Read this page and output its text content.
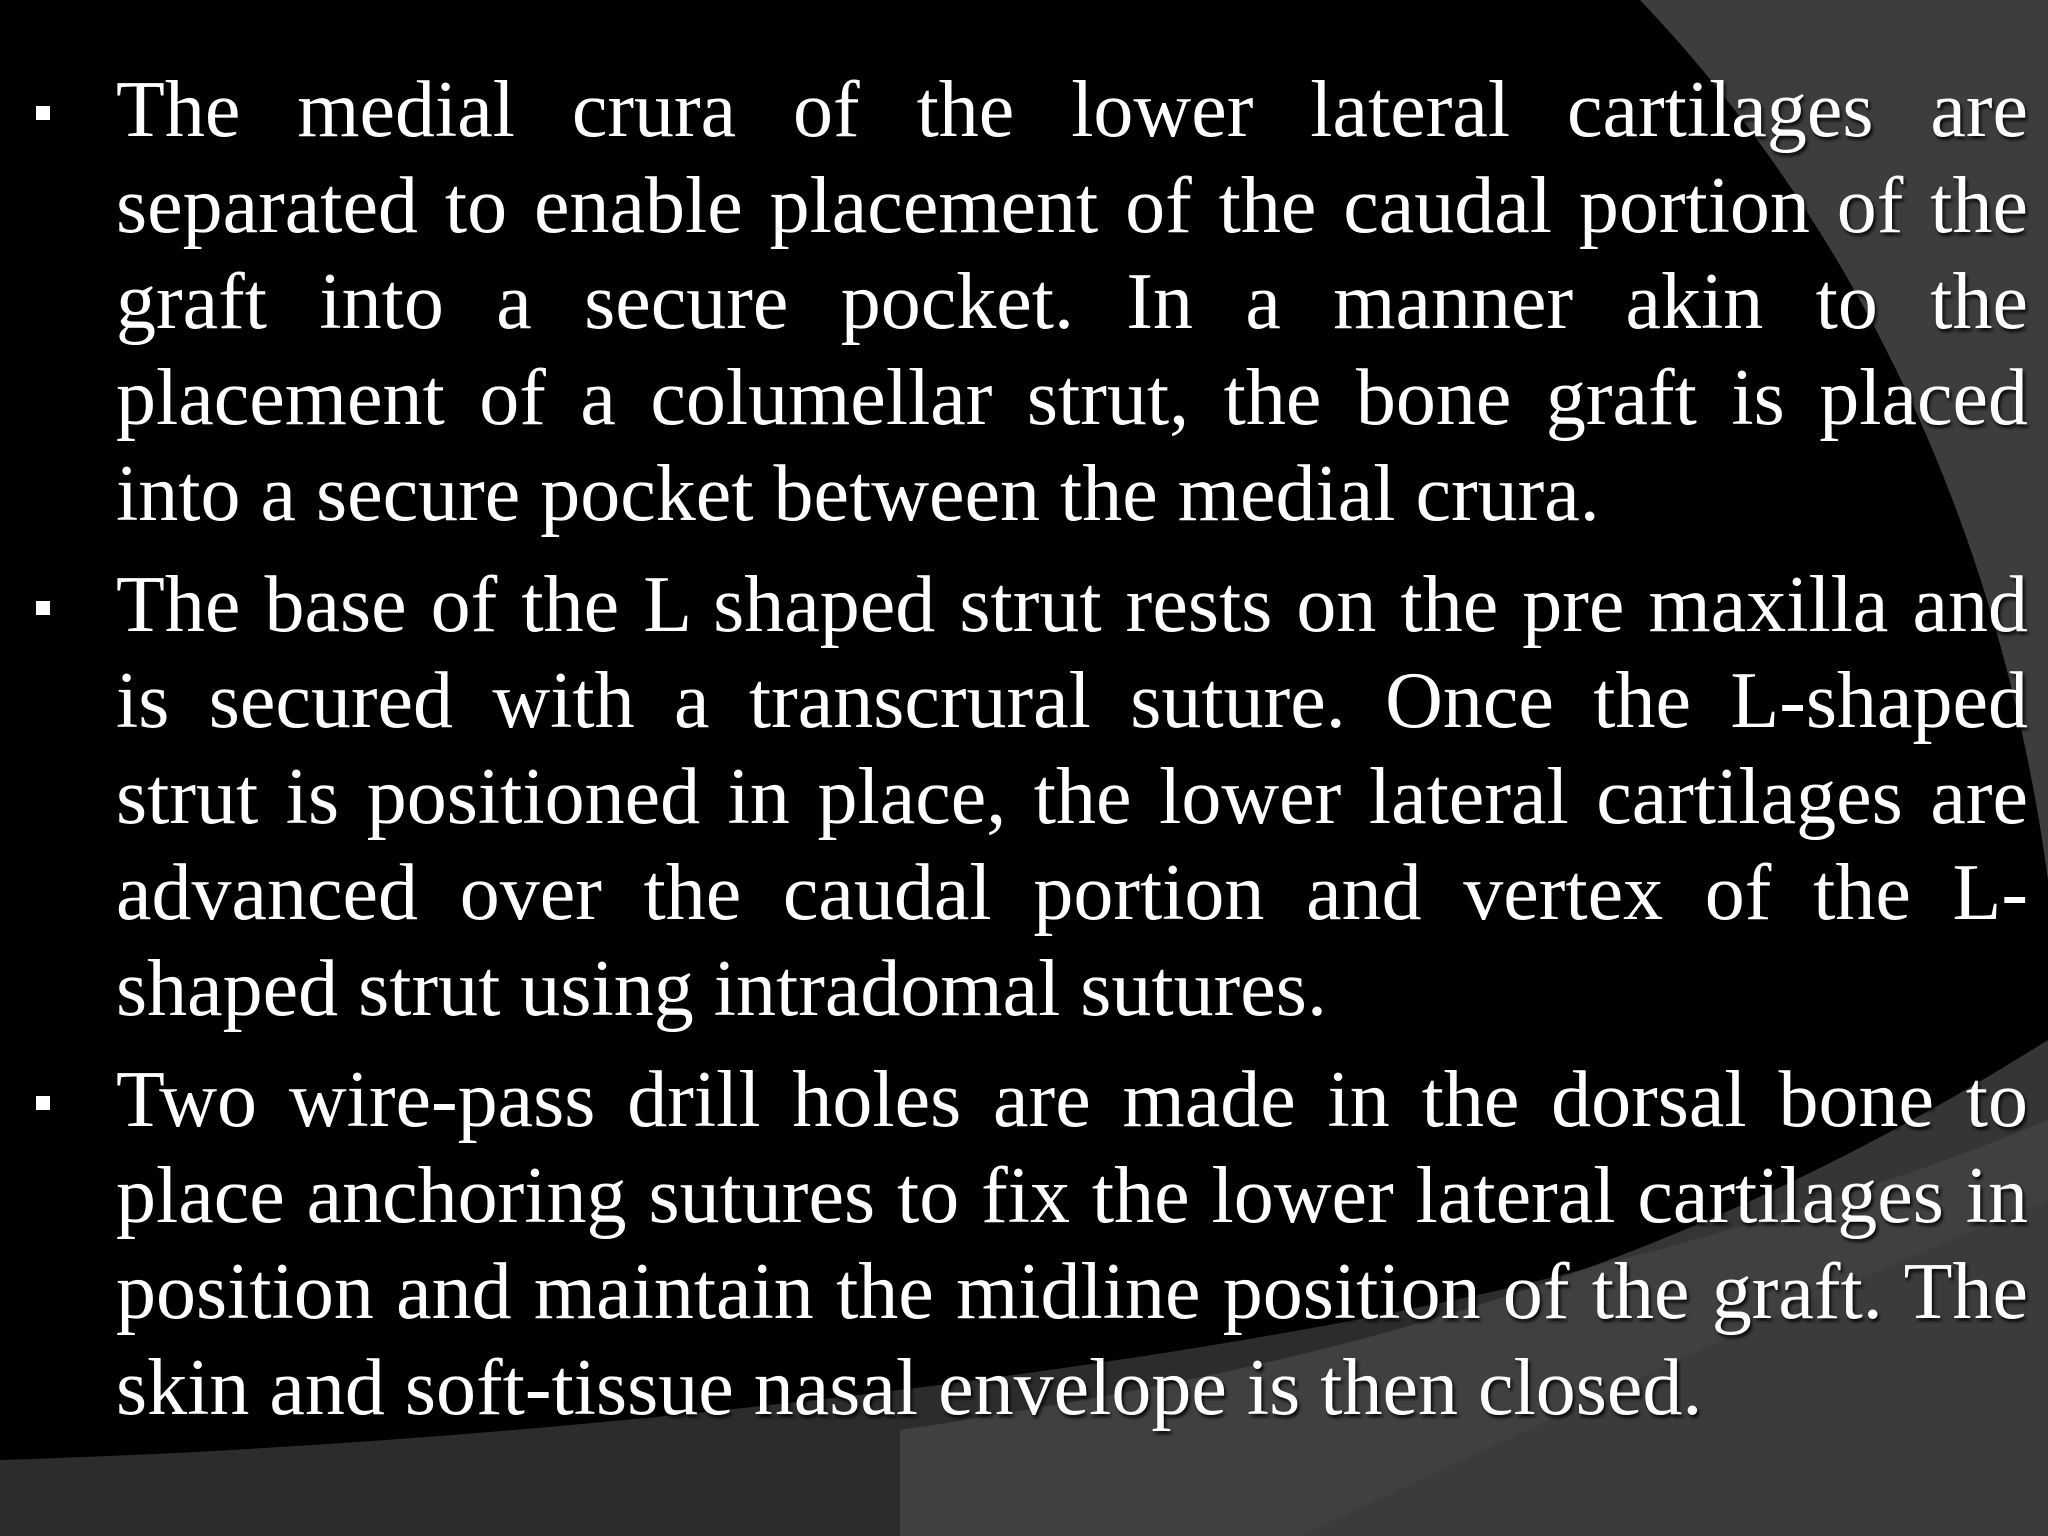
The medial crura of the lower lateral cartilages are separated to enable placement of the caudal portion of the graft into a secure pocket. In a manner akin to the placement of a columellar strut, the bone graft is placed into a secure pocket between the medial crura.
The base of the L shaped strut rests on the pre maxilla and is secured with a transcrural suture. Once the L-shaped strut is positioned in place, the lower lateral cartilages are advanced over the caudal portion and vertex of the L-shaped strut using intradomal sutures.
Two wire-pass drill holes are made in the dorsal bone to place anchoring sutures to fix the lower lateral cartilages in position and maintain the midline position of the graft. The skin and soft-tissue nasal envelope is then closed.
